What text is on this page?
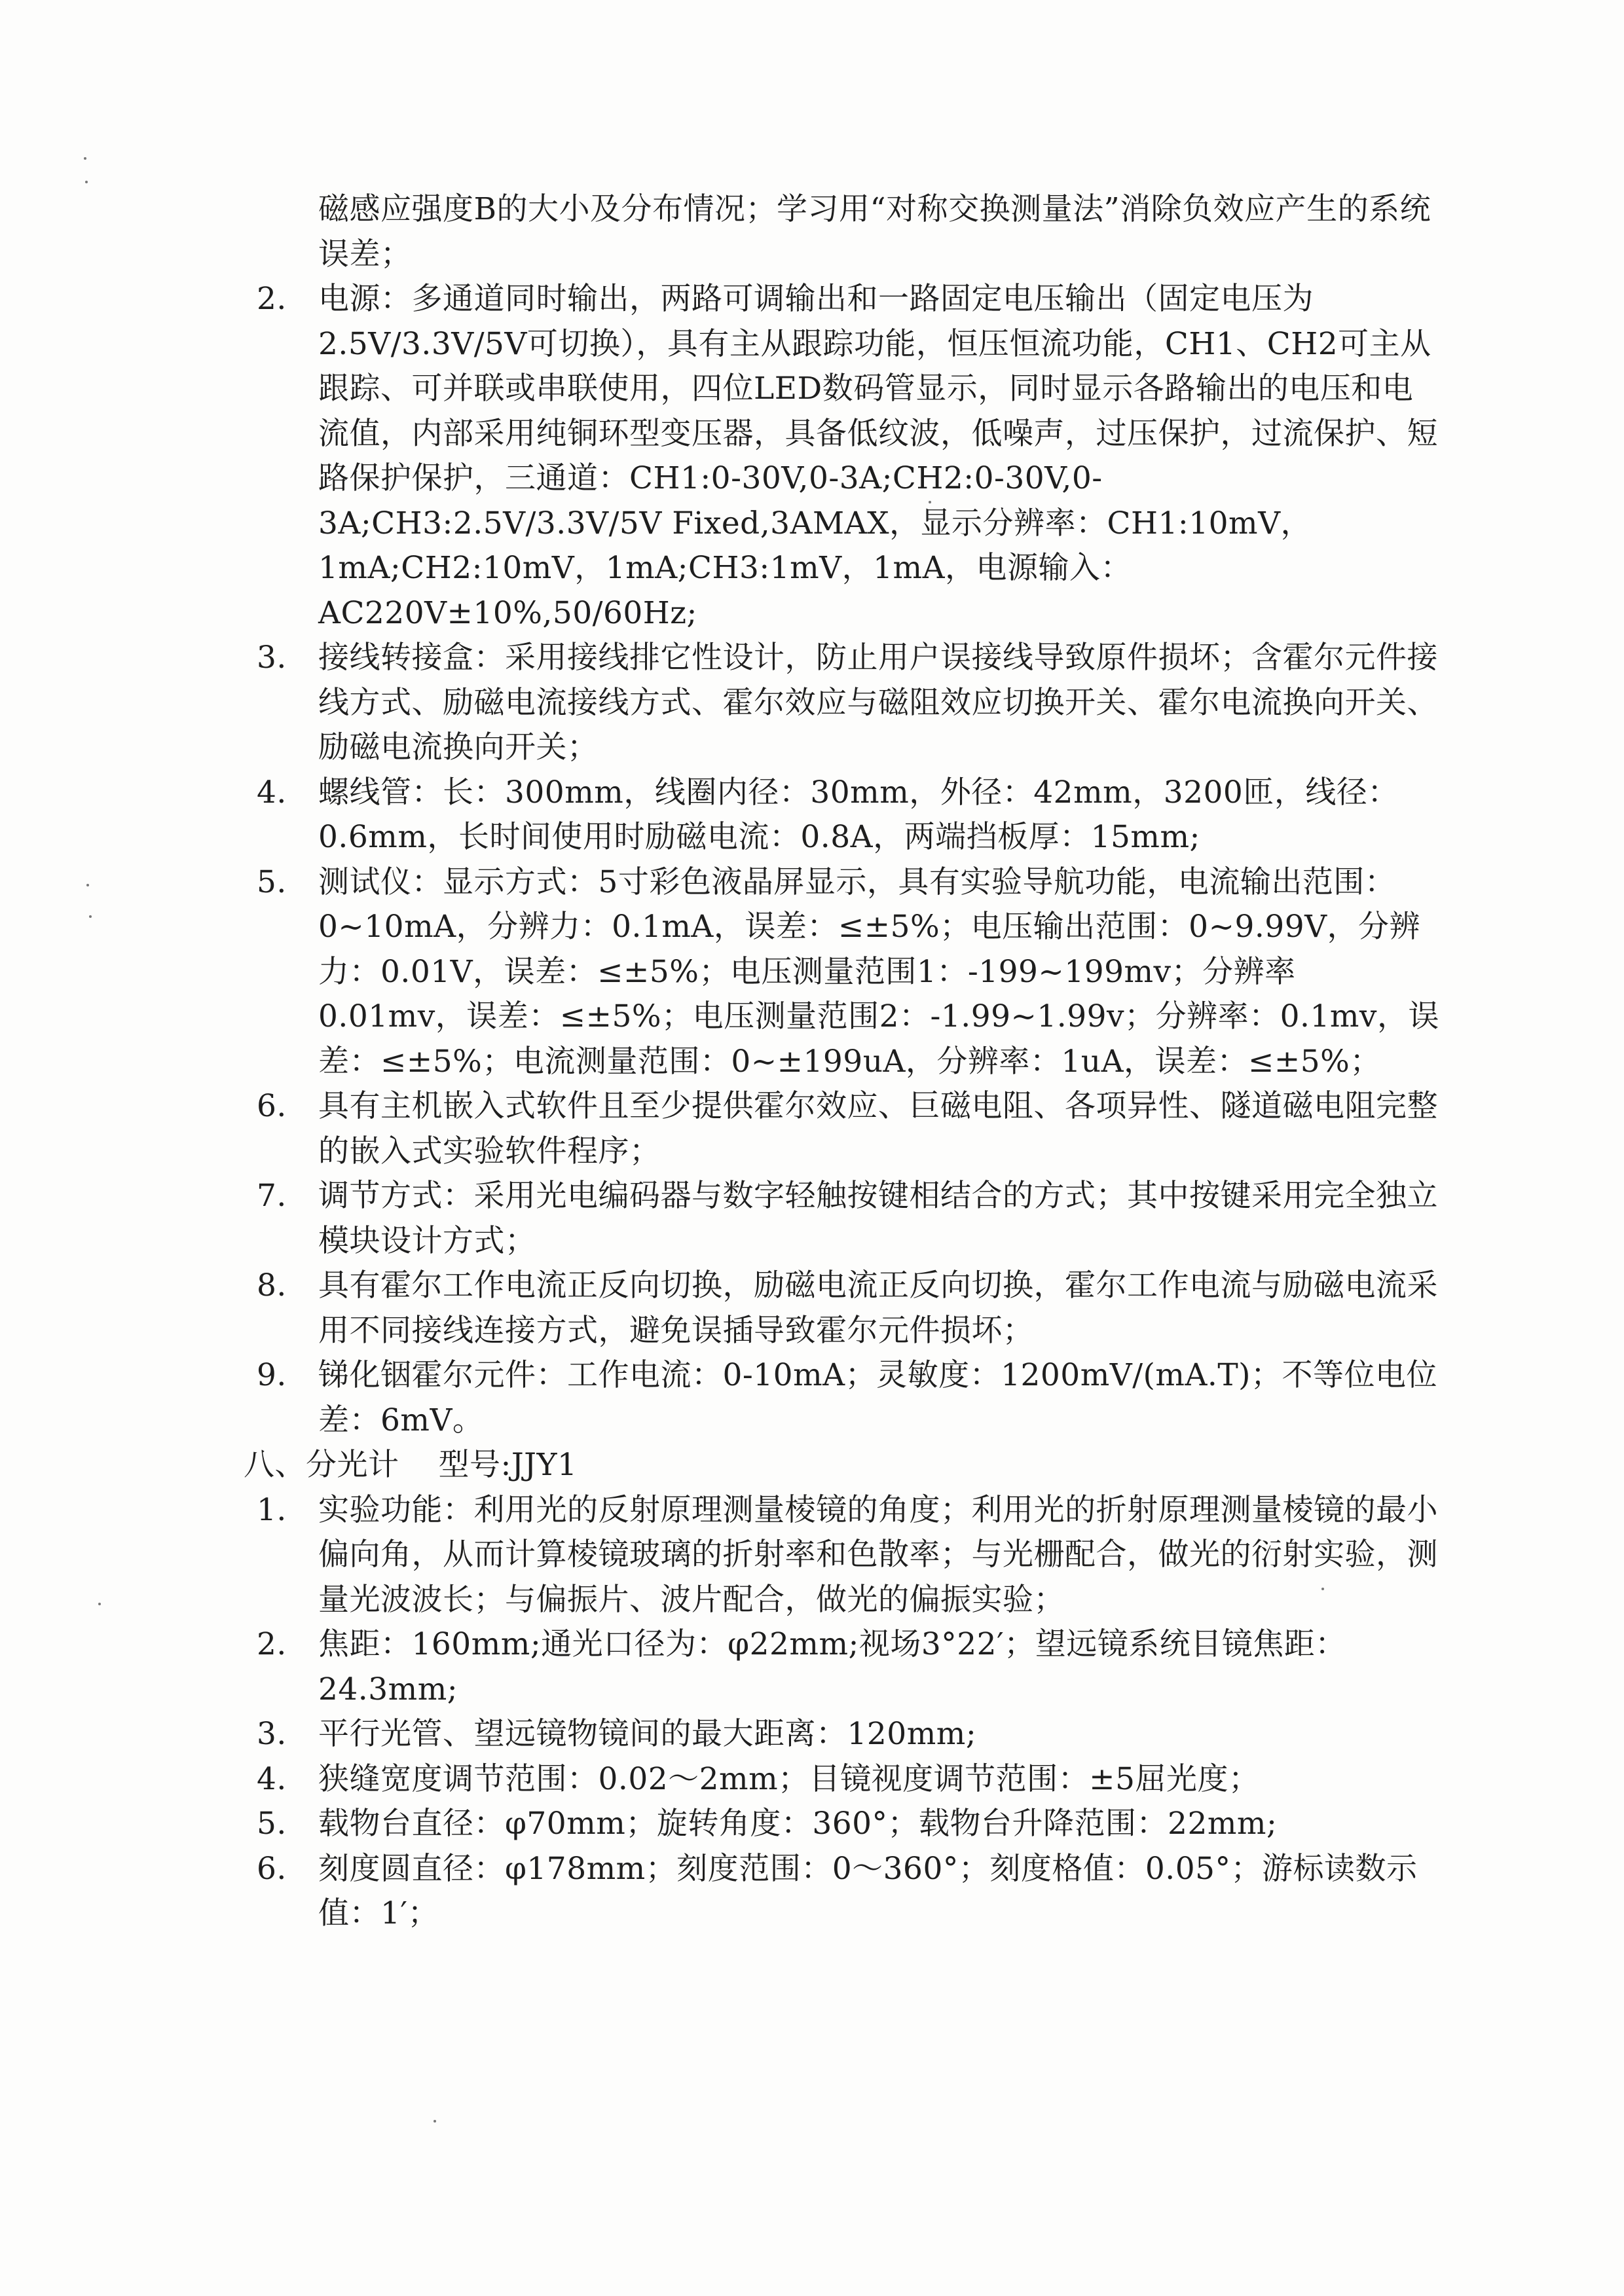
磁感应强度B的大小及分布情况；学习用“对称交换测量法”消除负效应产生的系统误差；

2. 电源：多通道同时输出，两路可调输出和一路固定电压输出（固定电压为2.5V/3.3V/5V可切换），具有主从跟踪功能，恒压恒流功能，CH1、CH2可主从跟踪、可并联或串联使用，四位LED数码管显示，同时显示各路输出的电压和电流值，内部采用纯铜环型变压器，具备低纹波，低噪声，过压保护，过流保护、短路保护保护，三通道：CH1:0-30V,0-3A;CH2:0-30V,0-3A;CH3:2.5V/3.3V/5V Fixed,3AMAX，显示分辨率：CH1:10mV，1mA;CH2:10mV，1mA;CH3:1mV，1mA，电源输入：AC220V±10%,50/60Hz;

3. 接线转接盒：采用接线排它性设计，防止用户误接线导致原件损坏；含霍尔元件接线方式、励磁电流接线方式、霍尔效应与磁阻效应切换开关、霍尔电流换向开关、励磁电流换向开关；

4. 螺线管：长：300mm，线圈内径：30mm，外径：42mm，3200匝，线径：0.6mm，长时间使用时励磁电流：0.8A，两端挡板厚：15mm;

5. 测试仪：显示方式：5寸彩色液晶屏显示，具有实验导航功能，电流输出范围：0~10mA，分辨力：0.1mA，误差：≤±5%；电压输出范围：0~9.99V，分辨力：0.01V，误差：≤±5%；电压测量范围1：-199~199mv；分辨率0.01mv，误差：≤±5%；电压测量范围2：-1.99~1.99v；分辨率：0.1mv，误差：≤±5%；电流测量范围：0~±199uA，分辨率：1uA，误差：≤±5%；

6. 具有主机嵌入式软件且至少提供霍尔效应、巨磁电阻、各项异性、隧道磁电阻完整的嵌入式实验软件程序；

7. 调节方式：采用光电编码器与数字轻触按键相结合的方式；其中按键采用完全独立模块设计方式；

8. 具有霍尔工作电流正反向切换，励磁电流正反向切换，霍尔工作电流与励磁电流采用不同接线连接方式，避免误插导致霍尔元件损坏；

9. 锑化铟霍尔元件：工作电流：0-10mA；灵敏度：1200mV/(mA.T)；不等位电位差：6mV。

八、分光计 型号:JJY1

1. 实验功能：利用光的反射原理测量棱镜的角度；利用光的折射原理测量棱镜的最小偏向角，从而计算棱镜玻璃的折射率和色散率；与光栅配合，做光的衍射实验，测量光波波长；与偏振片、波片配合，做光的偏振实验；

2. 焦距：160mm;通光口径为：φ22mm;视场3°22′；望远镜系统目镜焦距：24.3mm;

3. 平行光管、望远镜物镜间的最大距离：120mm;

4. 狭缝宽度调节范围：0.02～2mm；目镜视度调节范围：±5屈光度；

5. 载物台直径：φ70mm；旋转角度：360°；载物台升降范围：22mm;

6. 刻度圆直径：φ178mm；刻度范围：0～360°；刻度格值：0.05°；游标读数示值：1′；
